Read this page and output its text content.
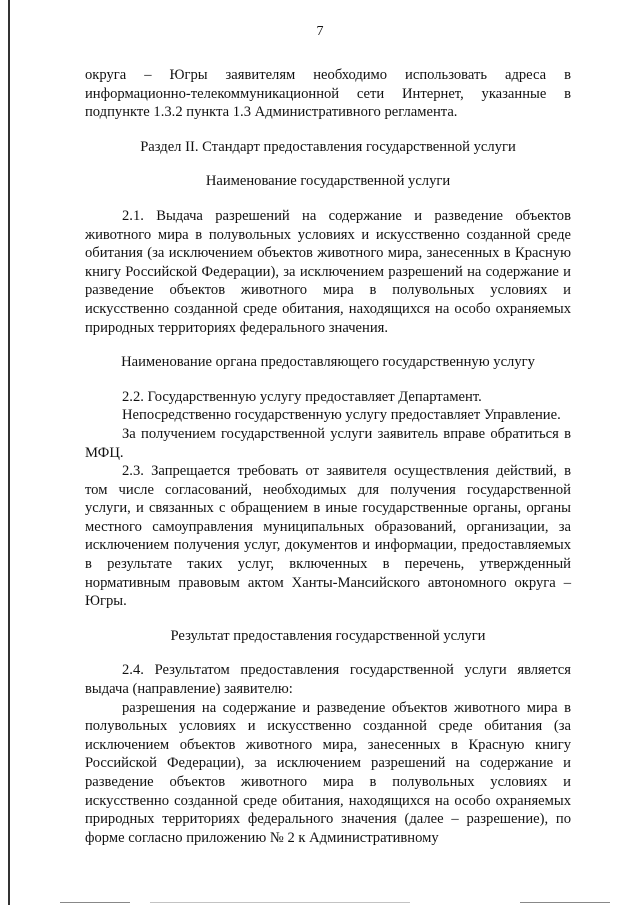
7

округа – Югры заявителям необходимо использовать адреса в информационно-телекоммуникационной сети Интернет, указанные в подпункте 1.3.2 пункта 1.3 Административного регламента.

Раздел II. Стандарт предоставления государственной услуги

Наименование государственной услуги

2.1. Выдача разрешений на содержание и разведение объектов животного мира в полувольных условиях и искусственно созданной среде обитания (за исключением объектов животного мира, занесенных в Красную книгу Российской Федерации), за исключением разрешений на содержание и разведение объектов животного мира в полувольных условиях и искусственно созданной среде обитания, находящихся на особо охраняемых природных территориях федерального значения.

Наименование органа предоставляющего государственную услугу

2.2. Государственную услугу предоставляет Департамент.

Непосредственно государственную услугу предоставляет Управление.

За получением государственной услуги заявитель вправе обратиться в МФЦ.

2.3. Запрещается требовать от заявителя осуществления действий, в том числе согласований, необходимых для получения государственной услуги, и связанных с обращением в иные государственные органы, органы местного самоуправления муниципальных образований, организации, за исключением получения услуг, документов и информации, предоставляемых в результате таких услуг, включенных в перечень, утвержденный нормативным правовым актом Ханты-Мансийского автономного округа – Югры.

Результат предоставления государственной услуги

2.4. Результатом предоставления государственной услуги является выдача (направление) заявителю:

разрешения на содержание и разведение объектов животного мира в полувольных условиях и искусственно созданной среде обитания (за исключением объектов животного мира, занесенных в Красную книгу Российской Федерации), за исключением разрешений на содержание и разведение объектов животного мира в полувольных условиях и искусственно созданной среде обитания, находящихся на особо охраняемых природных территориях федерального значения (далее – разрешение), по форме согласно приложению № 2 к Административному
